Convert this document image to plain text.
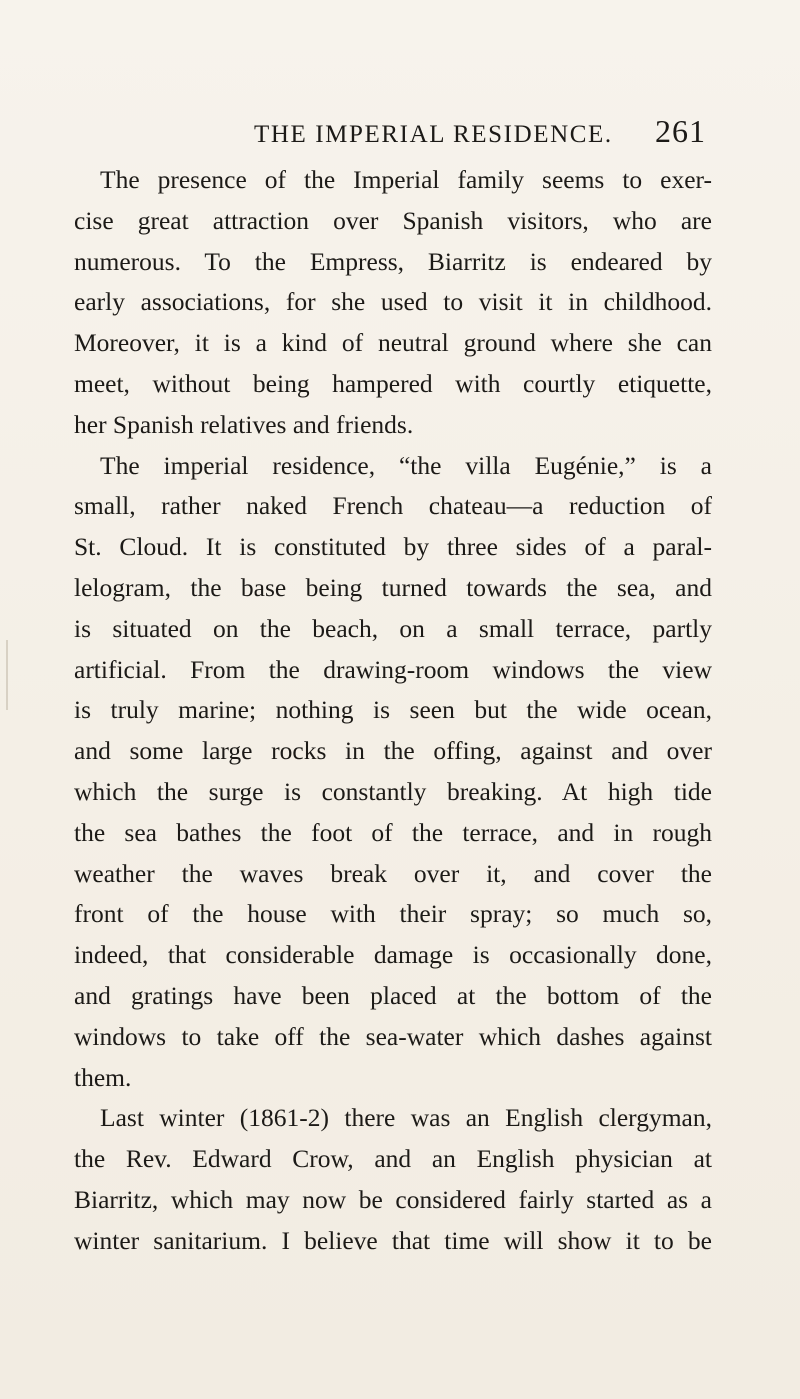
THE IMPERIAL RESIDENCE. 261
The presence of the Imperial family seems to exer-
cise great attraction over Spanish visitors, who are
numerous. To the Empress, Biarritz is endeared by
early associations, for she used to visit it in childhood.
Moreover, it is a kind of neutral ground where she can
meet, without being hampered with courtly etiquette,
her Spanish relatives and friends.
The imperial residence, “the villa Eugénie,” is a
small, rather naked French chateau—a reduction of
St. Cloud. It is constituted by three sides of a paral-
lelogram, the base being turned towards the sea, and
is situated on the beach, on a small terrace, partly
artificial. From the drawing-room windows the view
is truly marine; nothing is seen but the wide ocean,
and some large rocks in the offing, against and over
which the surge is constantly breaking. At high tide
the sea bathes the foot of the terrace, and in rough
weather the waves break over it, and cover the
front of the house with their spray; so much so,
indeed, that considerable damage is occasionally done,
and gratings have been placed at the bottom of the
windows to take off the sea-water which dashes against
them.
Last winter (1861-2) there was an English clergyman,
the Rev. Edward Crow, and an English physician at
Biarritz, which may now be considered fairly started as a
winter sanitarium. I believe that time will show it to be
